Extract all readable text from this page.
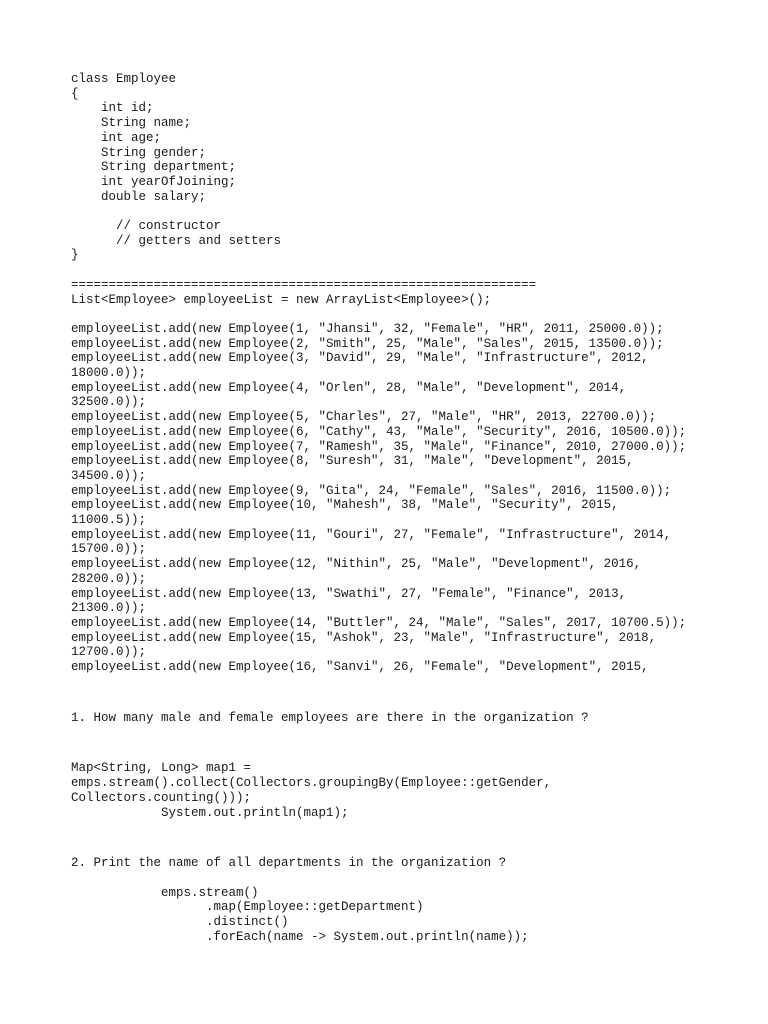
class Employee
{
int id;
String name;
int age;
String gender;
String department;
int yearOfJoining;
double salary;
// constructor
// getters and setters
}
==============================================================
List<Employee> employeeList = new ArrayList<Employee>();
employeeList.add(new Employee(1, "Jhansi", 32, "Female", "HR", 2011, 25000.0));
employeeList.add(new Employee(2, "Smith", 25, "Male", "Sales", 2015, 13500.0));
employeeList.add(new Employee(3, "David", 29, "Male", "Infrastructure", 2012,
18000.0));
employeeList.add(new Employee(4, "Orlen", 28, "Male", "Development", 2014,
32500.0));
employeeList.add(new Employee(5, "Charles", 27, "Male", "HR", 2013, 22700.0));
employeeList.add(new Employee(6, "Cathy", 43, "Male", "Security", 2016, 10500.0));
employeeList.add(new Employee(7, "Ramesh", 35, "Male", "Finance", 2010, 27000.0));
employeeList.add(new Employee(8, "Suresh", 31, "Male", "Development", 2015,
34500.0));
employeeList.add(new Employee(9, "Gita", 24, "Female", "Sales", 2016, 11500.0));
employeeList.add(new Employee(10, "Mahesh", 38, "Male", "Security", 2015,
11000.5));
employeeList.add(new Employee(11, "Gouri", 27, "Female", "Infrastructure", 2014,
15700.0));
employeeList.add(new Employee(12, "Nithin", 25, "Male", "Development", 2016,
28200.0));
employeeList.add(new Employee(13, "Swathi", 27, "Female", "Finance", 2013,
21300.0));
employeeList.add(new Employee(14, "Buttler", 24, "Male", "Sales", 2017, 10700.5));
employeeList.add(new Employee(15, "Ashok", 23, "Male", "Infrastructure", 2018,
12700.0));
employeeList.add(new Employee(16, "Sanvi", 26, "Female", "Development", 2015,
1. How many male and female employees are there in the organization ?
Map<String, Long> map1 =
emps.stream().collect(Collectors.groupingBy(Employee::getGender,
Collectors.counting()));
System.out.println(map1);
2. Print the name of all departments in the organization ?
emps.stream()
.map(Employee::getDepartment)
.distinct()
.forEach(name -> System.out.println(name));
